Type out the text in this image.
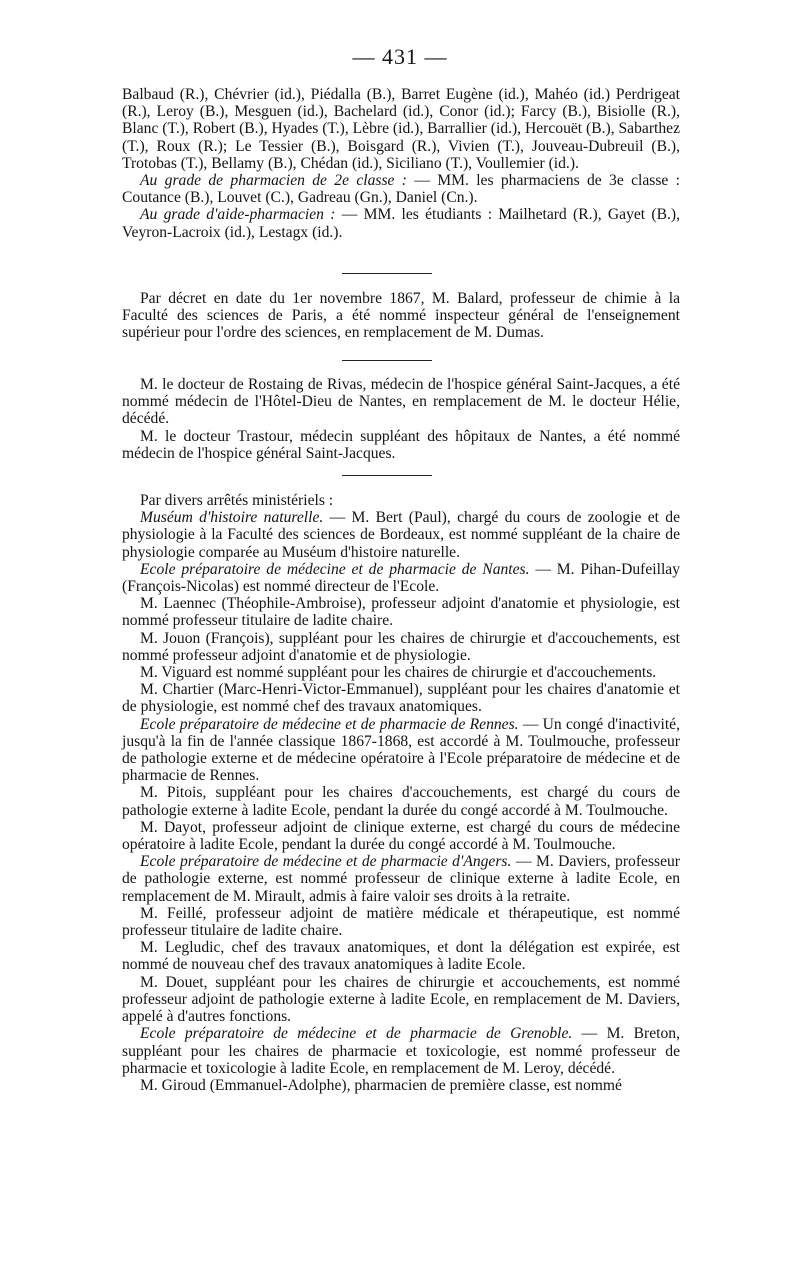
— 431 —

Balbaud (R.), Chévrier (id.), Piédalla (B.), Barret Eugène (id.), Mahéo (id.) Perdrigeat (R.), Leroy (B.), Mesguen (id.), Bachelard (id.), Conor (id.); Farcy (B.), Bisiolle (R.), Blanc (T.), Robert (B.), Hyades (T.), Lèbre (id.), Barrallier (id.), Hercouët (B.), Sabarthez (T.), Roux (R.); Le Tessier (B.), Boisgard (R.), Vivien (T.), Jouveau-Dubreuil (B.), Trotobas (T.), Bellamy (B.), Chédan (id.), Siciliano (T.), Voullemier (id.).

Au grade de pharmacien de 2e classe : — MM. les pharmaciens de 3e classe : Coutance (B.), Louvet (C.), Gadreau (Gn.), Daniel (Cn.).

Au grade d'aide-pharmacien : — MM. les étudiants : Mailhetard (R.), Gayet (B.), Veyron-Lacroix (id.), Lestagx (id.).

Par décret en date du 1er novembre 1867, M. Balard, professeur de chimie à la Faculté des sciences de Paris, a été nommé inspecteur général de l'enseignement supérieur pour l'ordre des sciences, en remplacement de M. Dumas.

M. le docteur de Rostaing de Rivas, médecin de l'hospice général Saint-Jacques, a été nommé médecin de l'Hôtel-Dieu de Nantes, en remplacement de M. le docteur Hélie, décédé.

M. le docteur Trastour, médecin suppléant des hôpitaux de Nantes, a été nommé médecin de l'hospice général Saint-Jacques.

Par divers arrêtés ministériels :

Muséum d'histoire naturelle. — M. Bert (Paul), chargé du cours de zoologie et de physiologie à la Faculté des sciences de Bordeaux, est nommé suppléant de la chaire de physiologie comparée au Muséum d'histoire naturelle.

Ecole préparatoire de médecine et de pharmacie de Nantes. — M. Pihan-Dufeillay (François-Nicolas) est nommé directeur de l'Ecole.

M. Laennec (Théophile-Ambroise), professeur adjoint d'anatomie et physiologie, est nommé professeur titulaire de ladite chaire.

M. Jouon (François), suppléant pour les chaires de chirurgie et d'accouchements, est nommé professeur adjoint d'anatomie et de physiologie.

M. Viguard est nommé suppléant pour les chaires de chirurgie et d'accouchements.

M. Chartier (Marc-Henri-Victor-Emmanuel), suppléant pour les chaires d'anatomie et de physiologie, est nommé chef des travaux anatomiques.

Ecole préparatoire de médecine et de pharmacie de Rennes. — Un congé d'inactivité, jusqu'à la fin de l'année classique 1867-1868, est accordé à M. Toulmouche, professeur de pathologie externe et de médecine opératoire à l'Ecole préparatoire de médecine et de pharmacie de Rennes.

M. Pitois, suppléant pour les chaires d'accouchements, est chargé du cours de pathologie externe à ladite Ecole, pendant la durée du congé accordé à M. Toulmouche.

M. Dayot, professeur adjoint de clinique externe, est chargé du cours de médecine opératoire à ladite Ecole, pendant la durée du congé accordé à M. Toulmouche.

Ecole préparatoire de médecine et de pharmacie d'Angers. — M. Daviers, professeur de pathologie externe, est nommé professeur de clinique externe à ladite Ecole, en remplacement de M. Mirault, admis à faire valoir ses droits à la retraite.

M. Feillé, professeur adjoint de matière médicale et thérapeutique, est nommé professeur titulaire de ladite chaire.

M. Legludic, chef des travaux anatomiques, et dont la délégation est expirée, est nommé de nouveau chef des travaux anatomiques à ladite Ecole.

M. Douet, suppléant pour les chaires de chirurgie et accouchements, est nommé professeur adjoint de pathologie externe à ladite Ecole, en remplacement de M. Daviers, appelé à d'autres fonctions.

Ecole préparatoire de médecine et de pharmacie de Grenoble. — M. Breton, suppléant pour les chaires de pharmacie et toxicologie, est nommé professeur de pharmacie et toxicologie à ladite Ecole, en remplacement de M. Leroy, décédé.

M. Giroud (Emmanuel-Adolphe), pharmacien de première classe, est nommé
